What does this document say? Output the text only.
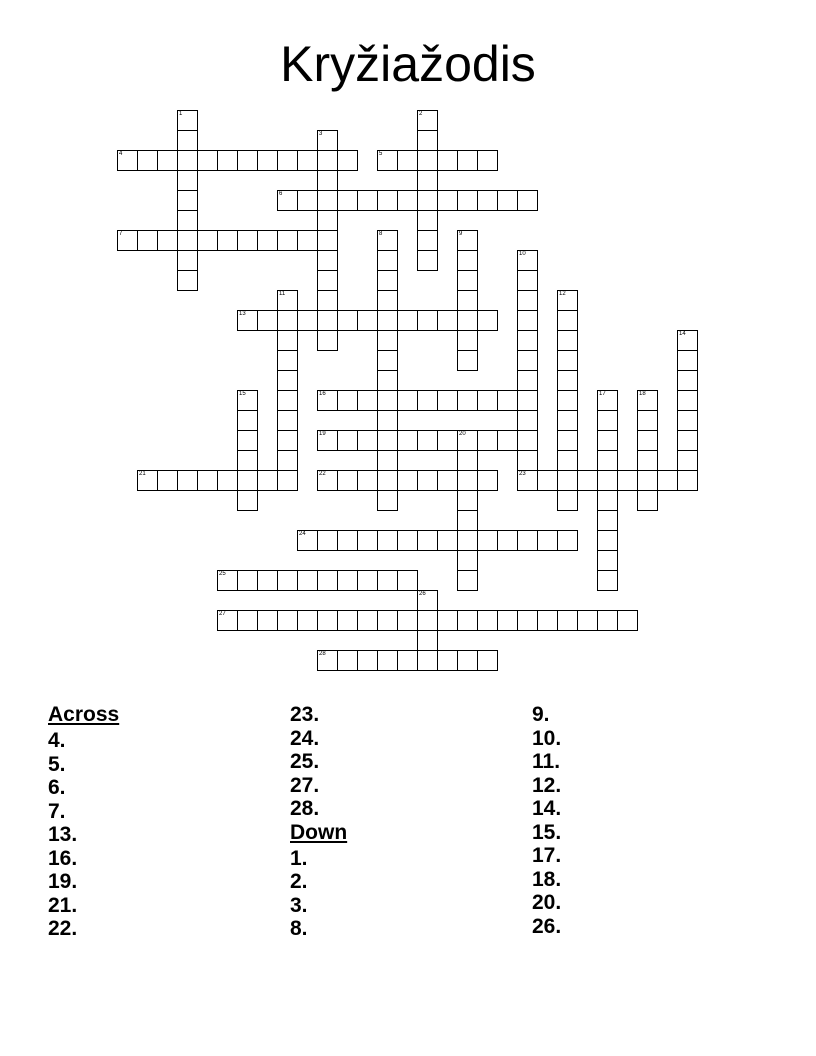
Kryžiažodis
1	2
3
4	5
6
7	8	9
10
23
11	12
13
14
15	16	17	18
19	20
21	22
24
25
26
27
28
Across
4.
5.
6.
7.
13.
16.
19.
21.
22.
23.
24.
25.
27.
28.
Down
1.
2.
3.
8.
9.
10.
11.
12.
14.
15.
17.
18.
20.
26.
